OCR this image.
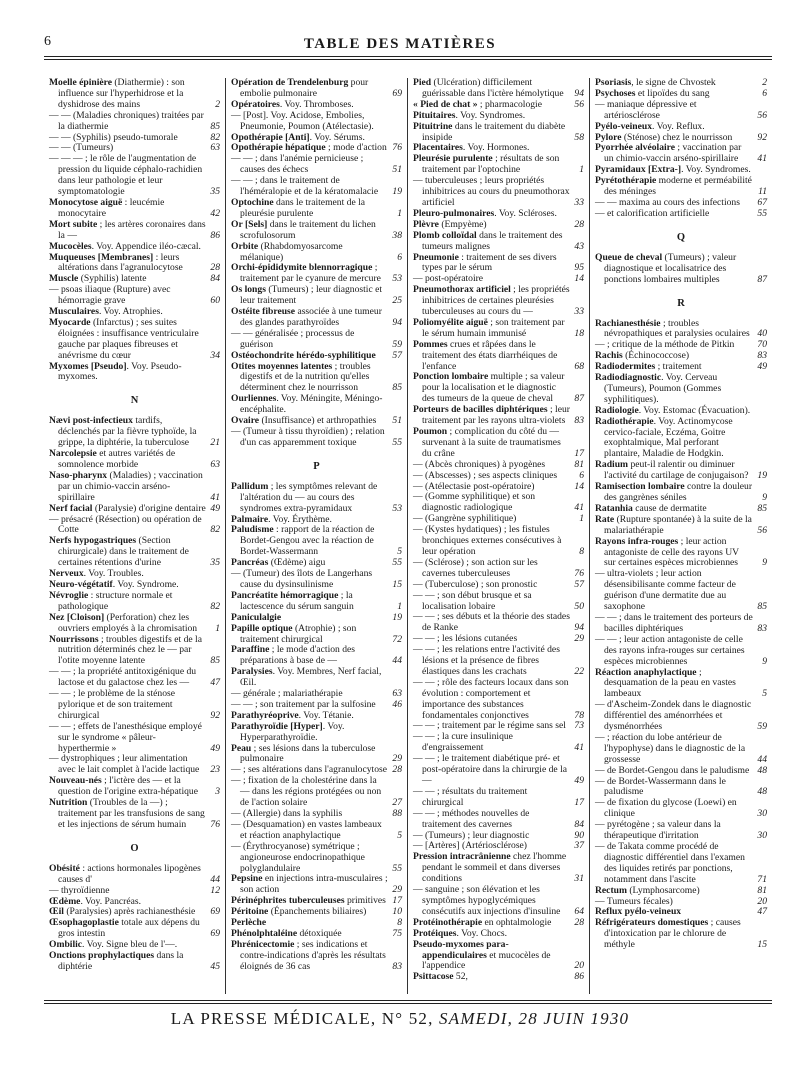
6	TABLE DES MATIÈRES

Moelle épinière (Diathermie) : son influence sur l'hyperhidrose et la dyshidrose des mains	2

— — (Maladies chroniques) traitées par la diathermie	85

— — (Syphilis) pseudo-tumorale	82

— — (Tumeurs)	63

— — — ; le rôle de l'augmentation de pression du liquide céphalo-rachidien dans leur pathologie et leur symptomatologie	35

Monocytose aiguë : leucémie monocytaire	42

Mort subite ; les artères coronaires dans la —	86

Mucocèles. Voy. Appendice iléo-cæcal.

Muqueuses [Membranes] : leurs altérations dans l'agranulocytose	28

Muscle (Syphilis) latente	84

— psoas iliaque (Rupture) avec hémorragie grave	60

Musculaires. Voy. Atrophies.

Myocarde (Infarctus) ; ses suites éloignées : insuffisance ventriculaire gauche par plaques fibreuses et anévrisme du cœur	34

Myxomes [Pseudo]. Voy. Pseudo-myxomes.

N

Nævi post-infectieux tardifs, déclenchés par la fièvre typhoïde, la grippe, la diphtérie, la tuberculose 21

Narcolepsie et autres variétés de somnolence morbide	63

Naso-pharynx (Maladies) ; vaccination par un chimio-vaccin arséno-spirillaire	41

Nerf facial (Paralysie) d'origine dentaire 49

— présacré (Résection) ou opération de Cotte	82

Nerfs hypogastriques (Section chirurgicale) dans le traitement de certaines rétentions d'urine	35

Nerveux. Voy. Troubles.

Neuro-végétatif. Voy. Syndrome.

Névroglie : structure normale et pathologique	82

Nez [Cloison] (Perforation) chez les ouvriers employés à la chromisation 1

Nourrissons ; troubles digestifs et de la nutrition déterminés chez le — par l'otite moyenne latente	85

— — ; la propriété antitoxigénique du lactose et du galactose chez les — 47

— — ; le problème de la sténose pylorique et de son traitement chirurgical	92

— — ; effets de l'anesthésique employé sur le syndrome « pâleur-hyperthermie »	49

— dystrophiques ; leur alimentation avec le lait complet à l'acide lactique 23

Nouveau-nés ; l'ictère des — et la question de l'origine extra-hépatique 3

Nutrition (Troubles de la —) ; traitement par les transfusions de sang et les injections de sérum humain	76

O

Obésité : actions hormonales lipogènes causes d'	44

— thyroïdienne	12

Œdème. Voy. Pancréas.

Œil (Paralysies) après rachianesthésie 69

Œsophagoplastie totale aux dépens du gros intestin	69

Ombilic. Voy. Signe bleu de l'—.

Onctions prophylactiques dans la diphtérie	45

Opération de Trendelenburg pour embolie pulmonaire	69

Opératoires. Voy. Thromboses.

— [Post]. Voy. Acidose, Embolies, Pneumonie, Poumon (Atélectasie).

Opothérapie [Anti]. Voy. Sérums.

Opothérapie hépatique ; mode d'action 76

— — ; dans l'anémie pernicieuse ; causes des échecs	51

— — ; dans le traitement de l'héméralopie et de la kératomalacie 19

Optochine dans le traitement de la pleurésie purulente	1

Or [Sels] dans le traitement du lichen scrofulosorum	38

Orbite (Rhabdomyosarcome mélanique)	6

Orchi-épididymite blennorragique ; traitement par le cyanure de mercure 53

Os longs (Tumeurs) ; leur diagnostic et leur traitement	25

Ostéite fibreuse associée à une tumeur des glandes parathyroïdes	94

— — généralisée ; processus de guérison	59

Ostéochondrite hérédo-syphilitique 57

Otites moyennes latentes ; troubles digestifs et de la nutrition qu'elles déterminent chez le nourrisson	85

Ourliennes. Voy. Méningite, Méningo-encéphalite.

Ovaire (Insuffisance) et arthropathies 51

— (Tumeur à tissu thyroïdien) ; relation d'un cas apparemment toxique	55

P

Pallidum ; les symptômes relevant de l'altération du — au cours des syndromes extra-pyramidaux	53

Palmaire. Voy. Érythème.

Paludisme : rapport de la réaction de Bordet-Gengou avec la réaction de Bordet-Wassermann	5

Pancréas (Œdème) aigu	55

— (Tumeur) des îlots de Langerhans cause du dysinsulinisme	15

Pancréatite hémorragique ; la lactescence du sérum sanguin	1

Paniculalgie	19

Papille optique (Atrophie) ; son traitement chirurgical	72

Paraffine ; le mode d'action des préparations à base de —	44

Paralysies. Voy. Membres, Nerf facial, Œil.

— générale ; malariathérapie	63

— — ; son traitement par la sulfosine 46

Parathyréoprive. Voy. Tétanie.

Parathyroïdie [Hyper]. Voy. Hyperparathyroïdie.

Peau ; ses lésions dans la tuberculose pulmonaire	29

— ; ses altérations dans l'agranulocytose 28

— ; fixation de la cholestérine dans la — dans les régions protégées ou non de l'action solaire	27

— (Allergie) dans la syphilis	88

— (Desquamation) en vastes lambeaux et réaction anaphylactique	5

— (Érythrocyanose) symétrique ; angioneurose endocrinopathique polyglandulaire	55

Pepsine en injections intra-musculaires ; son action	29

Périnéphrites tuberculeuses primitives 17

Péritoine (Épanchements biliaires)	10

Perlèche	8

Phénolphtaléine détoxiquée	75

Phrénicectomie ; ses indications et contre-indications d'après les résultats éloignés de 36 cas	83

Pied (Ulcération) difficilement guérissable dans l'ictère hémolytique 94

« Pied de chat » ; pharmacologie	56

Pituitaires. Voy. Syndromes.

Pituitrine dans le traitement du diabète insipide	58

Placentaires. Voy. Hormones.

Pleurésie purulente ; résultats de son traitement par l'optochine	1

— tuberculeuses ; leurs propriétés inhibitrices au cours du pneumothorax artificiel	33

Pleuro-pulmonaires. Voy. Scléroses.

Plèvre (Empyème)	28

Plomb colloïdal dans le traitement des tumeurs malignes	43

Pneumonie : traitement de ses divers types par le sérum	95

— post-opératoire	14

Pneumothorax artificiel ; les propriétés inhibitrices de certaines pleurésies tuberculeuses au cours du —	33

Poliomyélite aiguë ; son traitement par le sérum humain immunisé	18

Pommes crues et râpées dans le traitement des états diarrhéiques de l'enfance	68

Ponction lombaire multiple ; sa valeur pour la localisation et le diagnostic des tumeurs de la queue de cheval 87

Porteurs de bacilles diphtériques ; leur traitement par les rayons ultra-violets 83

Poumon ; complication du côté du — survenant à la suite de traumatismes du crâne	17

— (Abcès chroniques) à pyogènes	81

— (Abscesses) ; ses aspects cliniques 6

— (Atélectasie post-opératoire)	14

— (Gomme syphilitique) et son diagnostic radiologique	41

— (Gangrène syphilitique)	1

— (Kystes hydatiques) ; les fistules bronchiques externes consécutives à leur opération	8

— (Sclérose) ; son action sur les cavernes tuberculeuses	76

— (Tuberculose) ; son pronostic	57

— — ; son début brusque et sa localisation lobaire	50

— — ; ses débuts et la théorie des stades de Ranke	94

— — ; les lésions cutanées	29

— — ; les relations entre l'activité des lésions et la présence de fibres élastiques dans les crachats	22

— — ; rôle des facteurs locaux dans son évolution : comportement et importance des substances fondamentales conjonctives	78

— — ; traitement par le régime sans sel 73

— — ; la cure insulinique d'engraissement	41

— — ; le traitement diabétique pré- et post-opératoire dans la chirurgie de la —	49

— — ; résultats du traitement chirurgical	17

— — ; méthodes nouvelles de traitement des cavernes	84

— (Tumeurs) ; leur diagnostic	90

— [Artères] (Artériosclérose)	37

Pression intracrânienne chez l'homme pendant le sommeil et dans diverses conditions	31

— sanguine ; son élévation et les symptômes hypoglycémiques consécutifs aux injections d'insuline 64

Protéinothérapie en ophtalmologie 28

Protéiques. Voy. Chocs.

Pseudo-myxomes para-appendiculaires et mucocèles de l'appendice	20

Psittacose 52,	86

Psoriasis, le signe de Chvostek	2

Psychoses et lipoïdes du sang	6

— maniaque dépressive et artériosclérose	56

Pyélo-veineux. Voy. Reflux.

Pylore (Sténose) chez le nourrisson	92

Pyorrhée alvéolaire ; vaccination par un chimio-vaccin arséno-spirillaire 41

Pyramidaux [Extra-]. Voy. Syndromes.

Pyrétothérapie moderne et perméabilité des méninges	11

— — maxima au cours des infections 67

— et calorification artificielle	55

Q

Queue de cheval (Tumeurs) ; valeur diagnostique et localisatrice des ponctions lombaires multiples	87

R

Rachianesthésie ; troubles névropathiques et paralysies oculaires 40

— ; critique de la méthode de Pitkin 70

Rachis (Échinococcose)	83

Radiodermites ; traitement	49

Radiodiagnostic. Voy. Cerveau (Tumeurs), Poumon (Gommes syphilitiques).

Radiologie. Voy. Estomac (Évacuation).

Radiothérapie. Voy. Actinomycose cervico-faciale, Eczéma, Goitre exophtalmique, Mal perforant plantaire, Maladie de Hodgkin.

Radium peut-il ralentir ou diminuer l'activité du cartilage de conjugaison? 19

Ramisection lombaire contre la douleur des gangrènes séniles	9

Ratanhia cause de dermatite	85

Rate (Rupture spontanée) à la suite de la malariathérapie	56

Rayons infra-rouges ; leur action antagoniste de celle des rayons UV sur certaines espèces microbiennes	9

— ultra-violets ; leur action désensibilisante comme facteur de guérison d'une dermatite due au saxophone	85

— — ; dans le traitement des porteurs de bacilles diphtériques	83

— — ; leur action antagoniste de celle des rayons infra-rouges sur certaines espèces microbiennes	9

Réaction anaphylactique ; desquamation de la peau en vastes lambeaux	5

— d'Ascheim-Zondek dans le diagnostic différentiel des aménorrhées et dysménorrhées	59

— ; réaction du lobe antérieur de l'hypophyse) dans le diagnostic de la grossesse	44

— de Bordet-Gengou dans le paludisme 48

— de Bordet-Wassermann dans le paludisme	48

— de fixation du glycose (Loewi) en clinique	30

— pyrétogène ; sa valeur dans la thérapeutique d'irritation	30

— de Takata comme procédé de diagnostic différentiel dans l'examen des liquides retirés par ponctions, notamment dans l'ascite	71

Rectum (Lymphosarcome)	81

— Tumeurs fécales)	20

Reflux pyélo-veineux	47

Réfrigérateurs domestiques ; causes d'intoxication par le chlorure de méthyle	15

LA PRESSE MÉDICALE, N° 52, SAMEDI, 28 JUIN 1930
